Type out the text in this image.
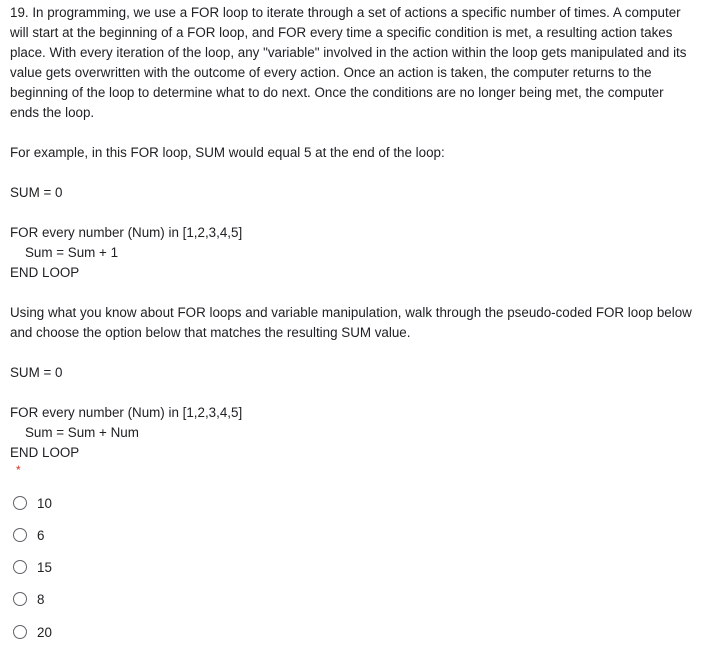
19. In programming, we use a FOR loop to iterate through a set of actions a specific number of times. A computer
will start at the beginning of a FOR loop, and FOR every time a specific condition is met, a resulting action takes
place. With every iteration of the loop, any "variable" involved in the action within the loop gets manipulated and its
value gets overwritten with the outcome of every action. Once an action is taken, the computer returns to the
beginning of the loop to determine what to do next. Once the conditions are no longer being met, the computer
ends the loop.
For example, in this FOR loop, SUM would equal 5 at the end of the loop:
SUM = 0
FOR every number (Num) in [1,2,3,4,5]
Sum = Sum + 1
END LOOP
Using what you know about FOR loops and variable manipulation, walk through the pseudo-coded FOR loop below
and choose the option below that matches the resulting SUM value.
SUM = 0
FOR every number (Num) in [1,2,3,4,5]
Sum = Sum + Num
END LOOP
*
10
6
15
8
20
